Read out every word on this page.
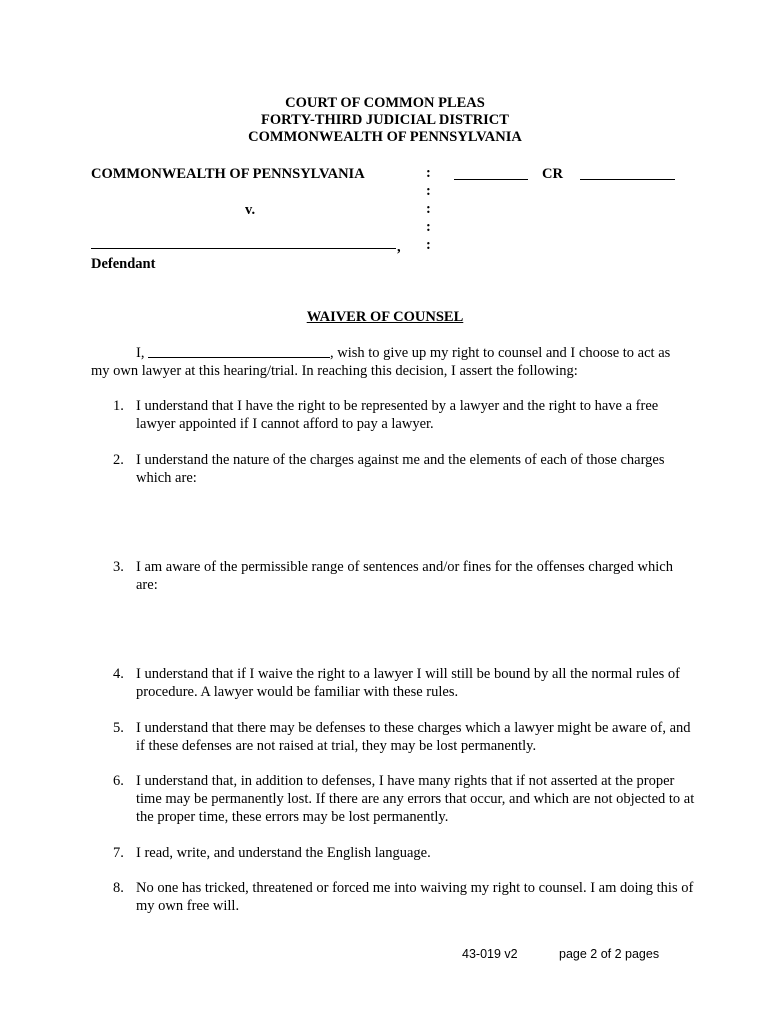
COURT OF COMMON PLEAS
FORTY-THIRD JUDICIAL DISTRICT
COMMONWEALTH OF PENNSYLVANIA
COMMONWEALTH OF PENNSYLVANIA
v.
,
Defendant
:
:
:
:
:
CR
WAIVER OF COUNSEL
I,	, wish to give up my right to counsel and I choose to act as
my own lawyer at this hearing/trial. In reaching this decision, I assert the following:
1. I understand that I have the right to be represented by a lawyer and the right to have a free lawyer appointed if I cannot afford to pay a lawyer.
2. I understand the nature of the charges against me and the elements of each of those charges which are:
3. I am aware of the permissible range of sentences and/or fines for the offenses charged which are:
4. I understand that if I waive the right to a lawyer I will still be bound by all the normal rules of procedure. A lawyer would be familiar with these rules.
5. I understand that there may be defenses to these charges which a lawyer might be aware of, and if these defenses are not raised at trial, they may be lost permanently.
6. I understand that, in addition to defenses, I have many rights that if not asserted at the proper time may be permanently lost. If there are any errors that occur, and which are not objected to at the proper time, these errors may be lost permanently.
7. I read, write, and understand the English language.
8. No one has tricked, threatened or forced me into waiving my right to counsel. I am doing this of my own free will.
43-019 v2	page 2 of 2 pages
